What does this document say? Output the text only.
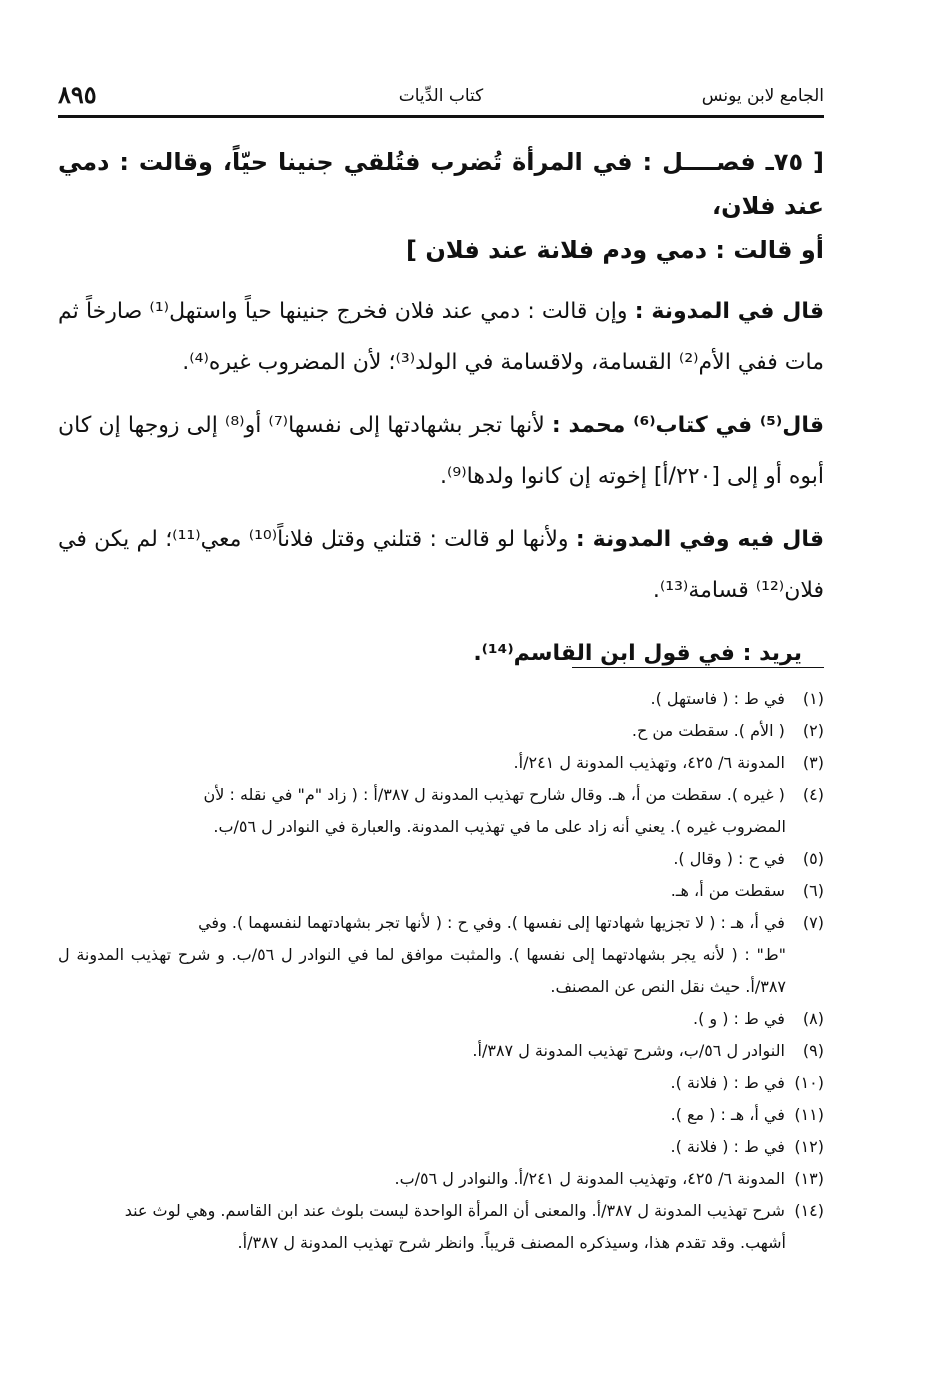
الجامع لابن يونس
كتاب الدِّيات
٨٩٥
[ ٧٥ـ فصــــل : في المرأة تُضرب فتُلقي جنينا حيّاً، وقالت : دمي عند فلان،
أو قالت : دمي ودم فلانة عند فلان ]

قال في المدونة : وإن قالت : دمي عند فلان فخرج جنينها حياً واستهل⁽¹⁾ صارخاً ثم مات ففي الأم⁽²⁾ القسامة، ولاقسامة في الولد⁽³⁾؛ لأن المضروب غيره⁽⁴⁾.

قال⁽⁵⁾ في كتاب⁽⁶⁾ محمد : لأنها تجر بشهادتها إلى نفسها⁽⁷⁾ أو⁽⁸⁾ إلى زوجها إن كان أبوه أو إلى [٢٢٠/أ] إخوته إن كانوا ولدها⁽⁹⁾.

قال فيه وفي المدونة : ولأنها لو قالت : قتلني وقتل فلاناً⁽¹⁰⁾ معي⁽¹¹⁾؛ لم يكن في فلان⁽¹²⁾ قسامة⁽¹³⁾.

يريد : في قول ابن القاسم⁽¹⁴⁾.

(١) في ط : ( فاستهل ).

(٢) ( الأم ). سقطت من ح.

(٣) المدونة ٦/ ٤٢٥، وتهذيب المدونة ل ٢٤١/أ.

(٤) ( غيره ). سقطت من أ، هـ. وقال شارح تهذيب المدونة ل ٣٨٧/أ : ( زاد "م" في نقله : لأن
المضروب غيره ). يعني أنه زاد على ما في تهذيب المدونة. والعبارة في النوادر ل ٥٦/ب.

(٥) في ح : ( وقال ).

(٦) سقطت من أ، هـ.

(٧) في أ، هـ : ( لا تجزيها شهادتها إلى نفسها ). وفي ح : ( لأنها تجر بشهادتهما لنفسهما ). وفي
"ط" : ( لأنه يجر بشهادتهما إلى نفسها ). والمثبت موافق لما في النوادر ل ٥٦/ب. و شرح تهذيب المدونة ل ٣٨٧/أ. حيث نقل النص عن المصنف.

(٨) في ط : ( و ).

(٩) النوادر ل ٥٦/ب، وشرح تهذيب المدونة ل ٣٨٧/أ.

(١٠) في ط : ( فلانة ).

(١١) في أ، هـ : ( مع ).

(١٢) في ط : ( فلانة ).

(١٣) المدونة ٦/ ٤٢٥، وتهذيب المدونة ل ٢٤١/أ. والنوادر ل ٥٦/ب.

(١٤) شرح تهذيب المدونة ل ٣٨٧/أ. والمعنى أن المرأة الواحدة ليست بلوث عند ابن القاسم. وهي لوث عند
أشهب. وقد تقدم هذا، وسيذكره المصنف قريباً. وانظر شرح تهذيب المدونة ل ٣٨٧/أ.
